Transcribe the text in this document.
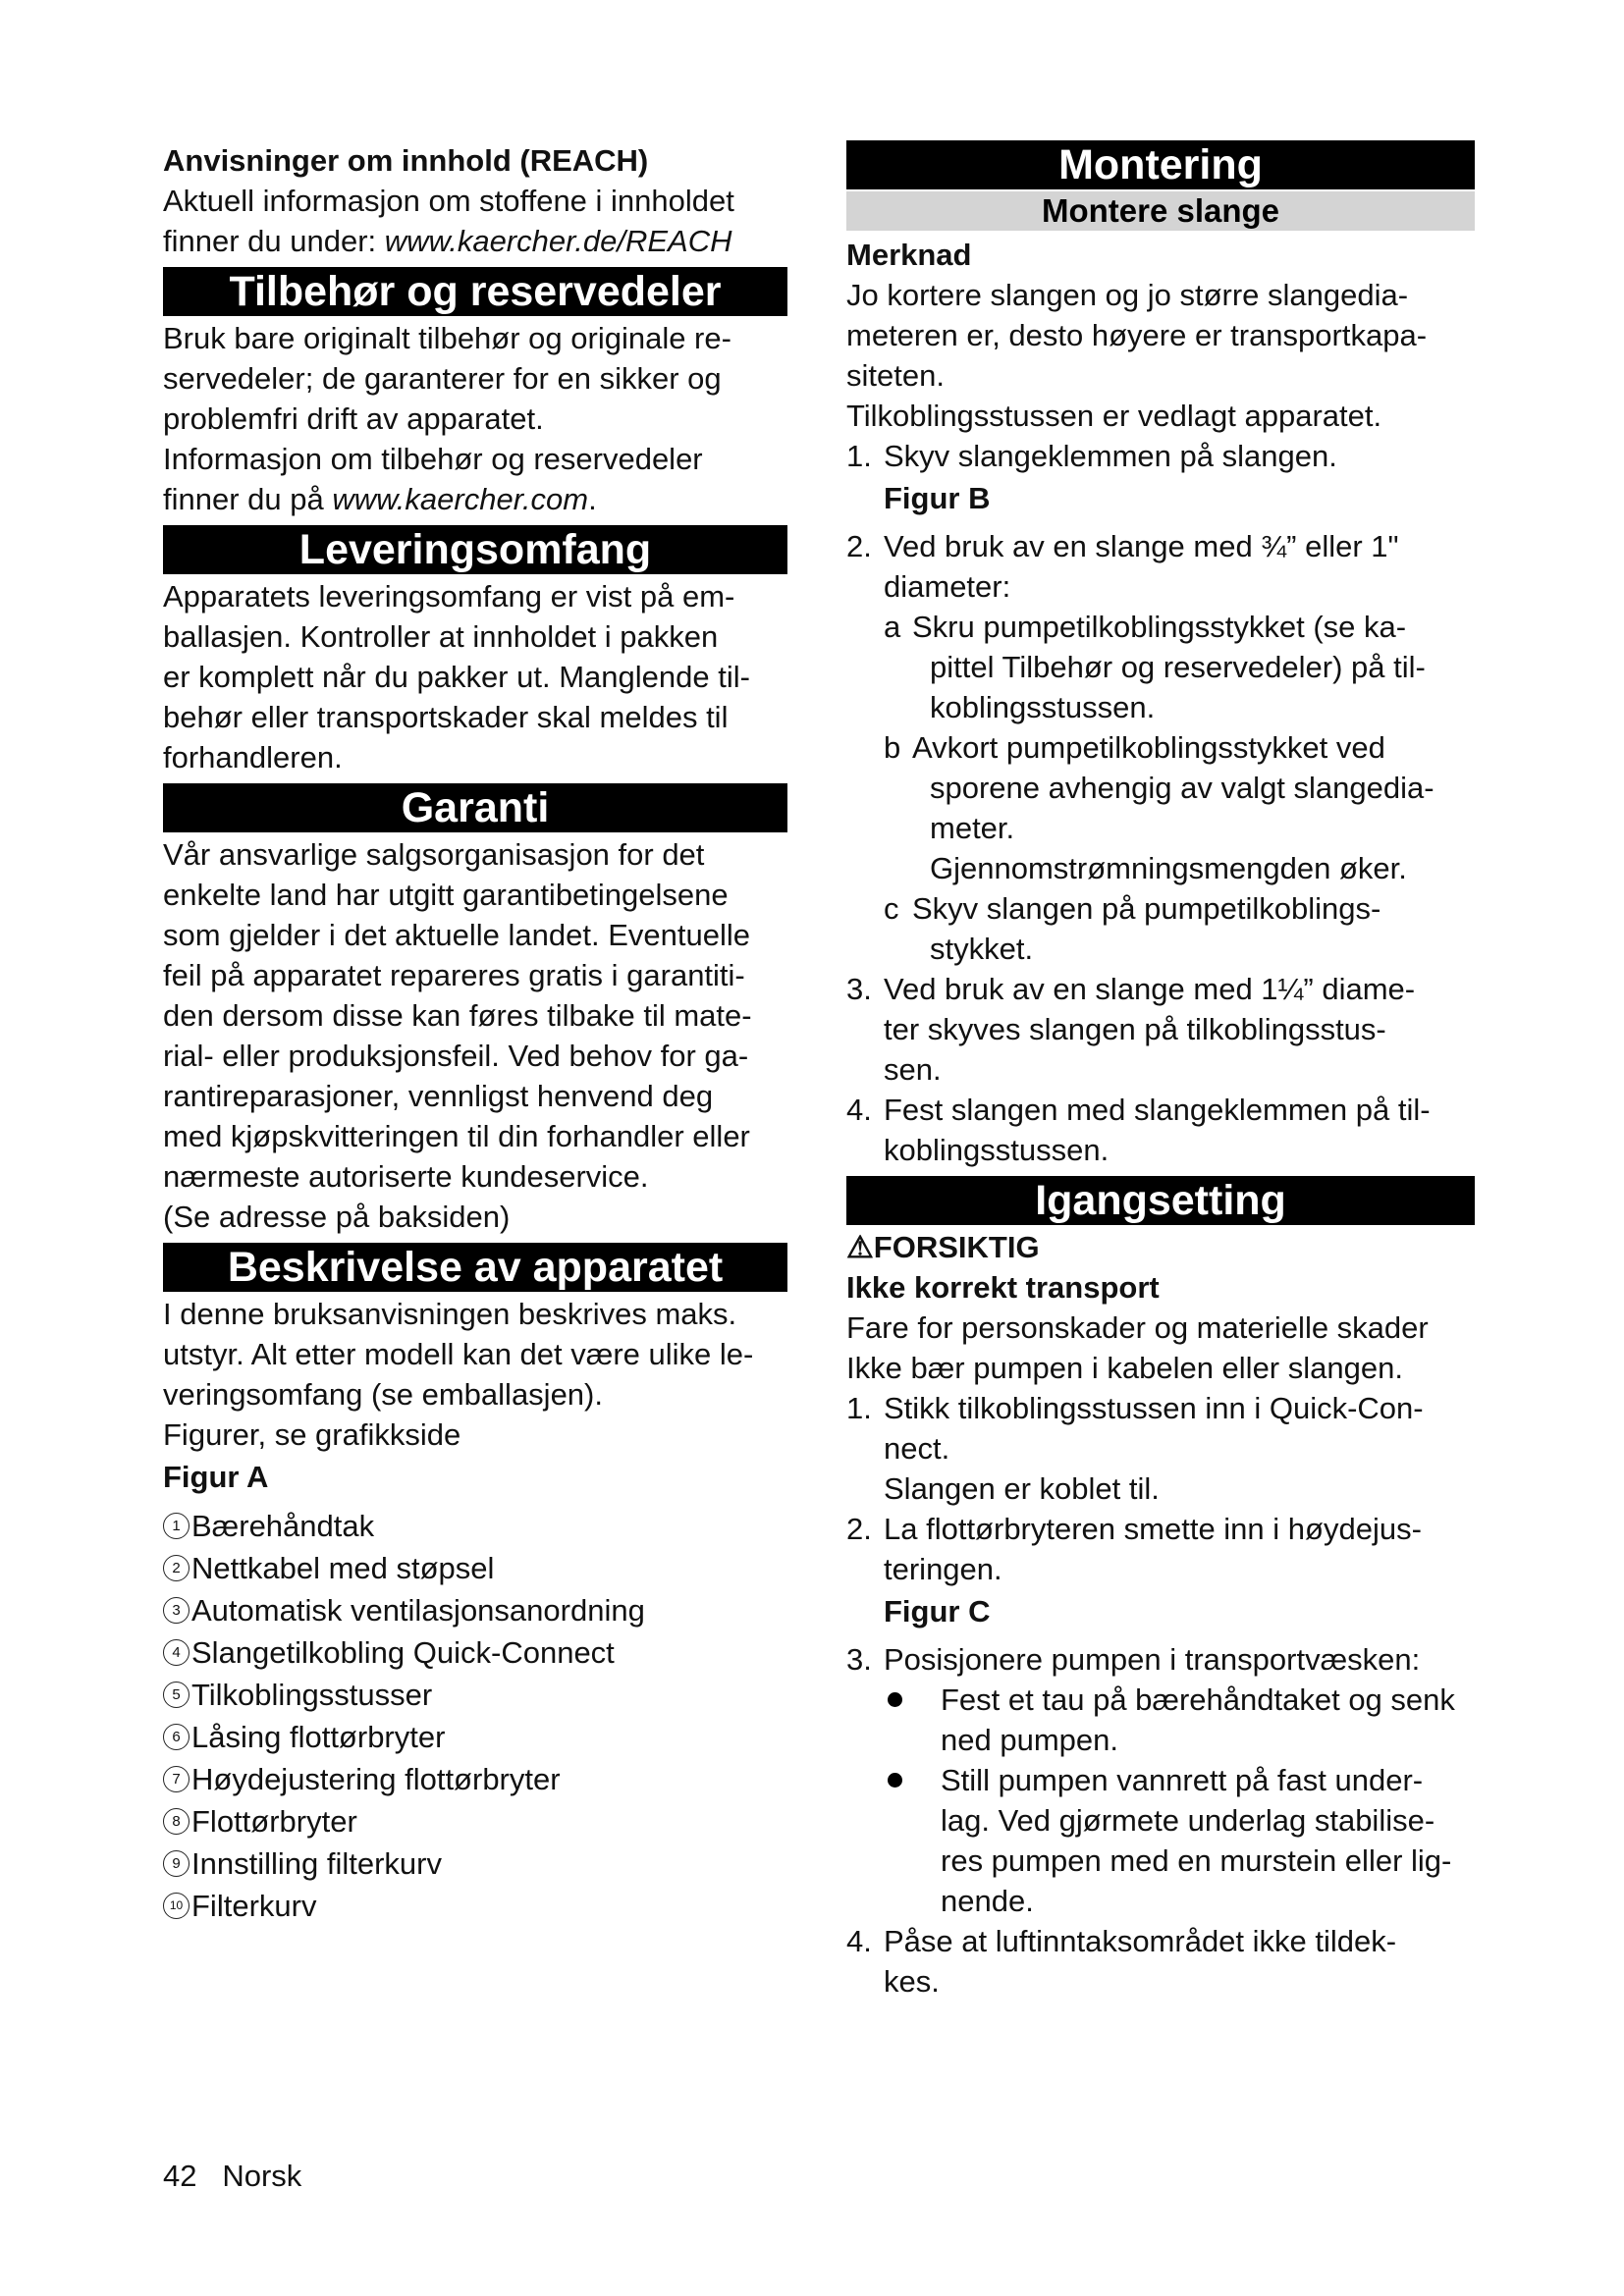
Anvisninger om innhold (REACH)

Aktuell informasjon om stoffene i innholdet

finner du under: www.kaercher.de/REACH

Tilbehør og reservedeler

Bruk bare originalt tilbehør og originale re-

servedeler; de garanterer for en sikker og

problemfri drift av apparatet.

Informasjon om tilbehør og reservedeler

finner du på www.kaercher.com.

Leveringsomfang

Apparatets leveringsomfang er vist på em-

ballasjen. Kontroller at innholdet i pakken

er komplett når du pakker ut. Manglende til-

behør eller transportskader skal meldes til

forhandleren.

Garanti

Vår ansvarlige salgsorganisasjon for det

enkelte land har utgitt garantibetingelsene

som gjelder i det aktuelle landet. Eventuelle

feil på apparatet repareres gratis i garantiti-

den dersom disse kan føres tilbake til mate-

rial- eller produksjonsfeil. Ved behov for ga-

rantireparasjoner, vennligst henvend deg

med kjøpskvitteringen til din forhandler eller

nærmeste autoriserte kundeservice.

(Se adresse på baksiden)

Beskrivelse av apparatet

I denne bruksanvisningen beskrives maks.

utstyr. Alt etter modell kan det være ulike le-

veringsomfang (se emballasjen).

Figurer, se grafikkside

Figur A

1 Bærehåndtak
2 Nettkabel med støpsel
3 Automatisk ventilasjonsanordning
4 Slangetilkobling Quick-Connect
5 Tilkoblingsstusser
6 Låsing flottørbryter
7 Høydejustering flottørbryter
8 Flottørbryter
9 Innstilling filterkurv
10 Filterkurv
Montering
Montere slange

Merknad

Jo kortere slangen og jo større slangedia-

meteren er, desto høyere er transportkapa-

siteten.

Tilkoblingsstussen er vedlagt apparatet.

1. Skyv slangeklemmen på slangen.

Figur B

2. Ved bruk av en slange med ¾” eller 1"

diameter:

a Skru pumpetilkoblingsstykket (se ka-

pittel Tilbehør og reservedeler) på til-

koblingsstussen.

b Avkort pumpetilkoblingsstykket ved

sporene avhengig av valgt slangedia-

meter.

Gjennomstrømningsmengden øker.

c Skyv slangen på pumpetilkoblings-

stykket.

3. Ved bruk av en slange med 1¼” diame-

ter skyves slangen på tilkoblingsstus-

sen.

4. Fest slangen med slangeklemmen på til-

koblingsstussen.

Igangsetting

⚠FORSIKTIG

Ikke korrekt transport

Fare for personskader og materielle skader

Ikke bær pumpen i kabelen eller slangen.

1. Stikk tilkoblingsstussen inn i Quick-Con-

nect.

Slangen er koblet til.

2. La flottørbryteren smette inn i høydejus-

teringen.

Figur C

3. Posisjonere pumpen i transportvæsken:

Fest et tau på bærehåndtaket og senk

ned pumpen.

Still pumpen vannrett på fast under-

lag. Ved gjørmete underlag stabilise-

res pumpen med en murstein eller lig-

nende.

4. Påse at luftinntaksområdet ikke tildek-

kes.

42 Norsk
